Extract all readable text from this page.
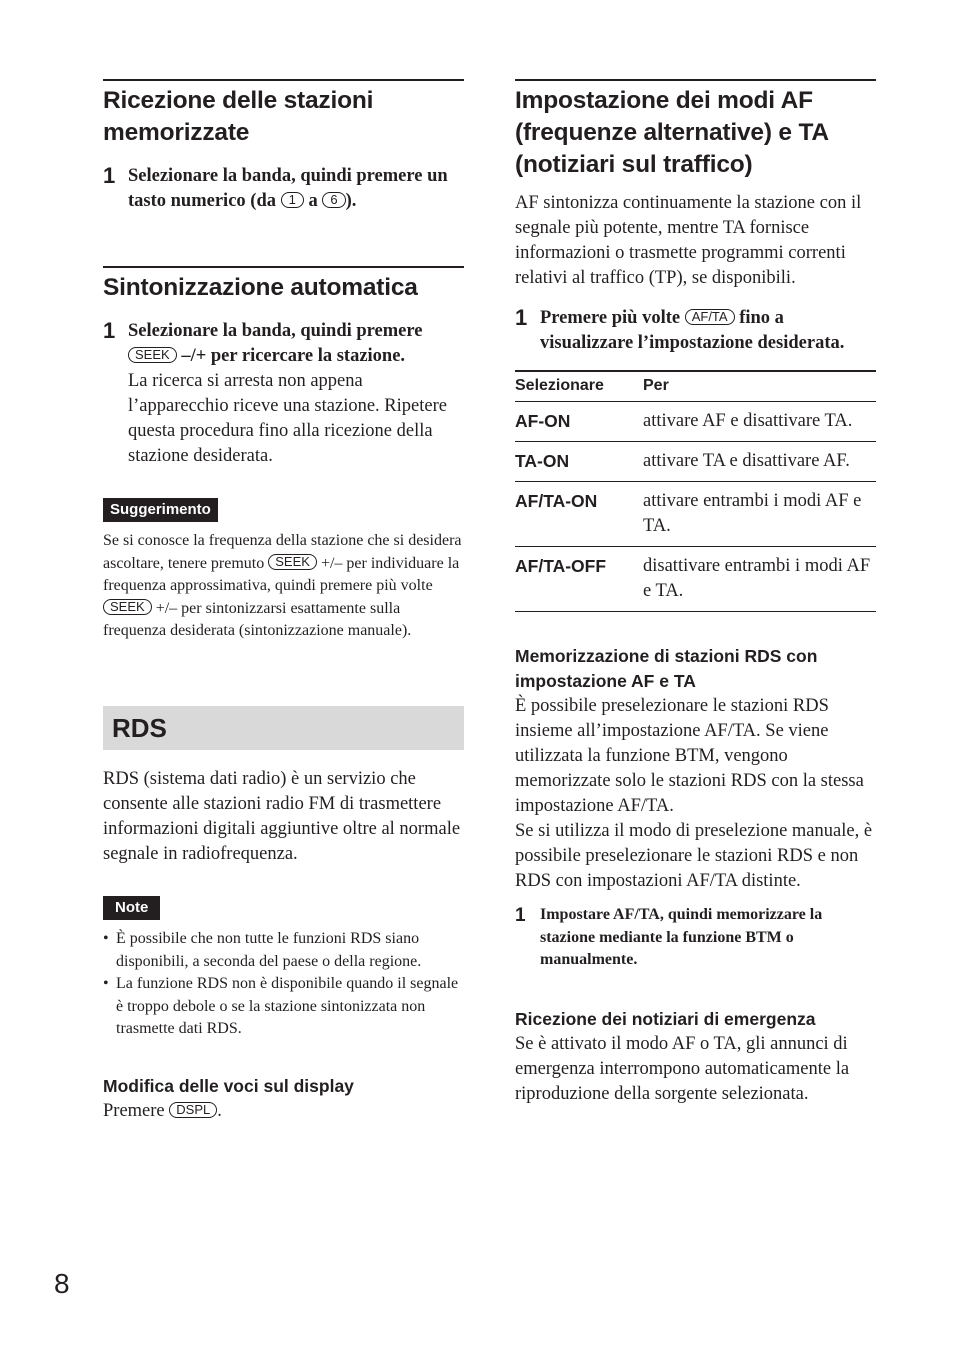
Ricezione delle stazioni memorizzate
1 Selezionare la banda, quindi premere un tasto numerico (da 1 a 6 ).
Sintonizzazione automatica
1 Selezionare la banda, quindi premere SEEK –/+ per ricercare la stazione.
La ricerca si arresta non appena l’apparecchio riceve una stazione. Ripetere questa procedura fino alla ricezione della stazione desiderata.
Suggerimento
Se si conosce la frequenza della stazione che si desidera ascoltare, tenere premuto SEEK +/– per individuare la frequenza approssimativa, quindi premere più volte SEEK +/– per sintonizzarsi esattamente sulla frequenza desiderata (sintonizzazione manuale).
RDS
RDS (sistema dati radio) è un servizio che consente alle stazioni radio FM di trasmettere informazioni digitali aggiuntive oltre al normale segnale in radiofrequenza.
Note
• È possibile che non tutte le funzioni RDS siano disponibili, a seconda del paese o della regione.
• La funzione RDS non è disponibile quando il segnale è troppo debole o se la stazione sintonizzata non trasmette dati RDS.
Modifica delle voci sul display
Premere DSPL .
Impostazione dei modi AF (frequenze alternative) e TA (notiziari sul traffico)
AF sintonizza continuamente la stazione con il segnale più potente, mentre TA fornisce informazioni o trasmette programmi correnti relativi al traffico (TP), se disponibili.
1 Premere più volte AF/TA fino a visualizzare l’impostazione desiderata.
Selezionare	Per
AF-ON	attivare AF e disattivare TA.
TA-ON	attivare TA e disattivare AF.
AF/TA-ON	attivare entrambi i modi AF e TA.
AF/TA-OFF	disattivare entrambi i modi AF e TA.
Memorizzazione di stazioni RDS con impostazione AF e TA
È possibile preselezionare le stazioni RDS insieme all’impostazione AF/TA. Se viene utilizzata la funzione BTM, vengono memorizzate solo le stazioni RDS con la stessa impostazione AF/TA.
Se si utilizza il modo di preselezione manuale, è possibile preselezionare le stazioni RDS e non RDS con impostazioni AF/TA distinte.
1 Impostare AF/TA, quindi memorizzare la stazione mediante la funzione BTM o manualmente.
Ricezione dei notiziari di emergenza
Se è attivato il modo AF o TA, gli annunci di emergenza interrompono automaticamente la riproduzione della sorgente selezionata.
8
